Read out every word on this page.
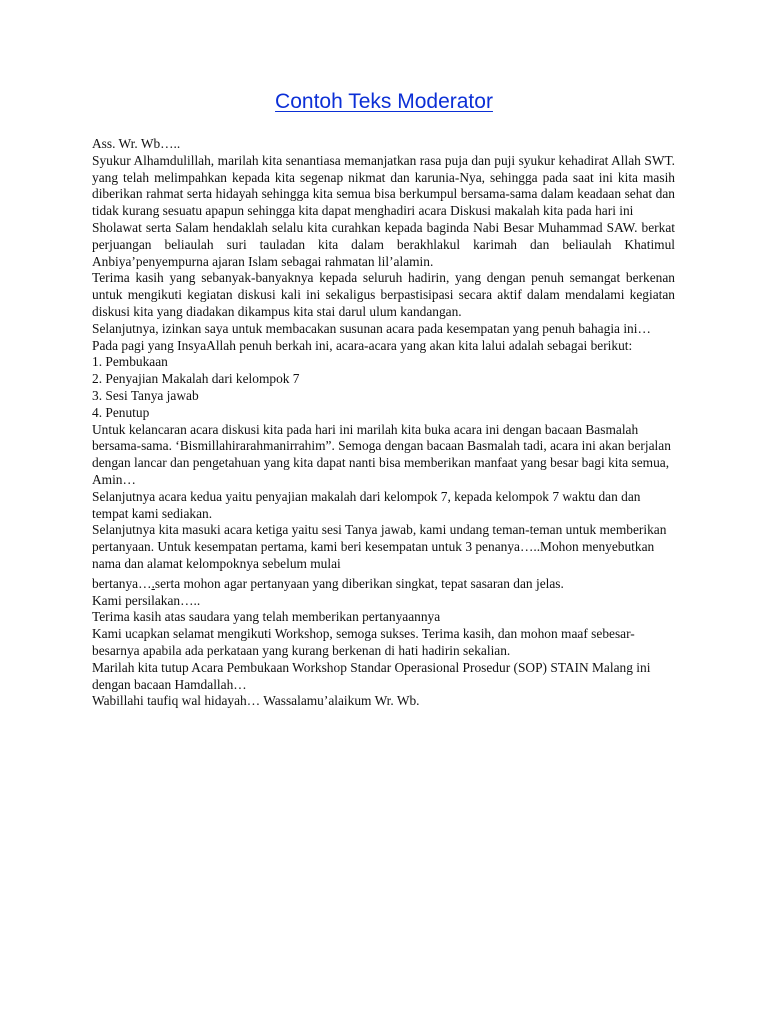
Contoh Teks Moderator

Ass. Wr. Wb…..

Syukur Alhamdulillah, marilah kita senantiasa memanjatkan rasa puja dan puji syukur kehadirat Allah SWT. yang telah melimpahkan kepada kita segenap nikmat dan karunia-Nya, sehingga pada saat ini kita masih diberikan rahmat serta hidayah sehingga kita semua bisa berkumpul bersama-sama dalam keadaan sehat dan tidak kurang sesuatu apapun sehingga kita dapat menghadiri acara Diskusi makalah kita pada hari ini

Sholawat serta Salam hendaklah selalu kita curahkan kepada baginda Nabi Besar Muhammad SAW. berkat perjuangan beliaulah suri tauladan kita dalam berakhlakul karimah dan beliaulah Khatimul Anbiya’penyempurna ajaran Islam sebagai rahmatan lil’alamin.

Terima kasih yang sebanyak-banyaknya kepada seluruh hadirin, yang dengan penuh semangat berkenan untuk mengikuti kegiatan diskusi kali ini sekaligus berpastisipasi secara aktif dalam mendalami kegiatan diskusi kita yang diadakan dikampus kita stai darul ulum kandangan.

Selanjutnya, izinkan saya untuk membacakan susunan acara pada kesempatan yang penuh bahagia ini…

Pada pagi yang InsyaAllah penuh berkah ini, acara-acara yang akan kita lalui adalah sebagai berikut:

1. Pembukaan

2. Penyajian Makalah dari kelompok 7

3. Sesi Tanya jawab

4. Penutup

Untuk kelancaran acara diskusi kita pada hari ini marilah kita buka acara ini dengan bacaan Basmalah bersama-sama. ‘Bismillahirarahmanirrahim”. Semoga dengan bacaan Basmalah tadi, acara ini akan berjalan dengan lancar dan pengetahuan yang kita dapat nanti bisa memberikan manfaat yang besar bagi kita semua, Amin…

Selanjutnya acara kedua yaitu penyajian makalah dari kelompok 7, kepada kelompok 7 waktu dan dan tempat kami sediakan.

Selanjutnya kita masuki acara ketiga yaitu sesi Tanya jawab, kami undang teman-teman untuk memberikan pertanyaan. Untuk kesempatan pertama, kami beri kesempatan untuk 3 penanya…..Mohon menyebutkan nama dan alamat kelompoknya sebelum mulai

bertanya….serta mohon agar pertanyaan yang diberikan singkat, tepat sasaran dan jelas.

Kami persilakan…..

Terima kasih atas saudara yang telah memberikan pertanyaannya

Kami ucapkan selamat mengikuti Workshop, semoga sukses. Terima kasih, dan mohon maaf sebesar-besarnya apabila ada perkataan yang kurang berkenan di hati hadirin sekalian.

Marilah kita tutup Acara Pembukaan Workshop Standar Operasional Prosedur (SOP) STAIN Malang ini dengan bacaan Hamdallah…

Wabillahi taufiq wal hidayah… Wassalamu’alaikum Wr. Wb.
